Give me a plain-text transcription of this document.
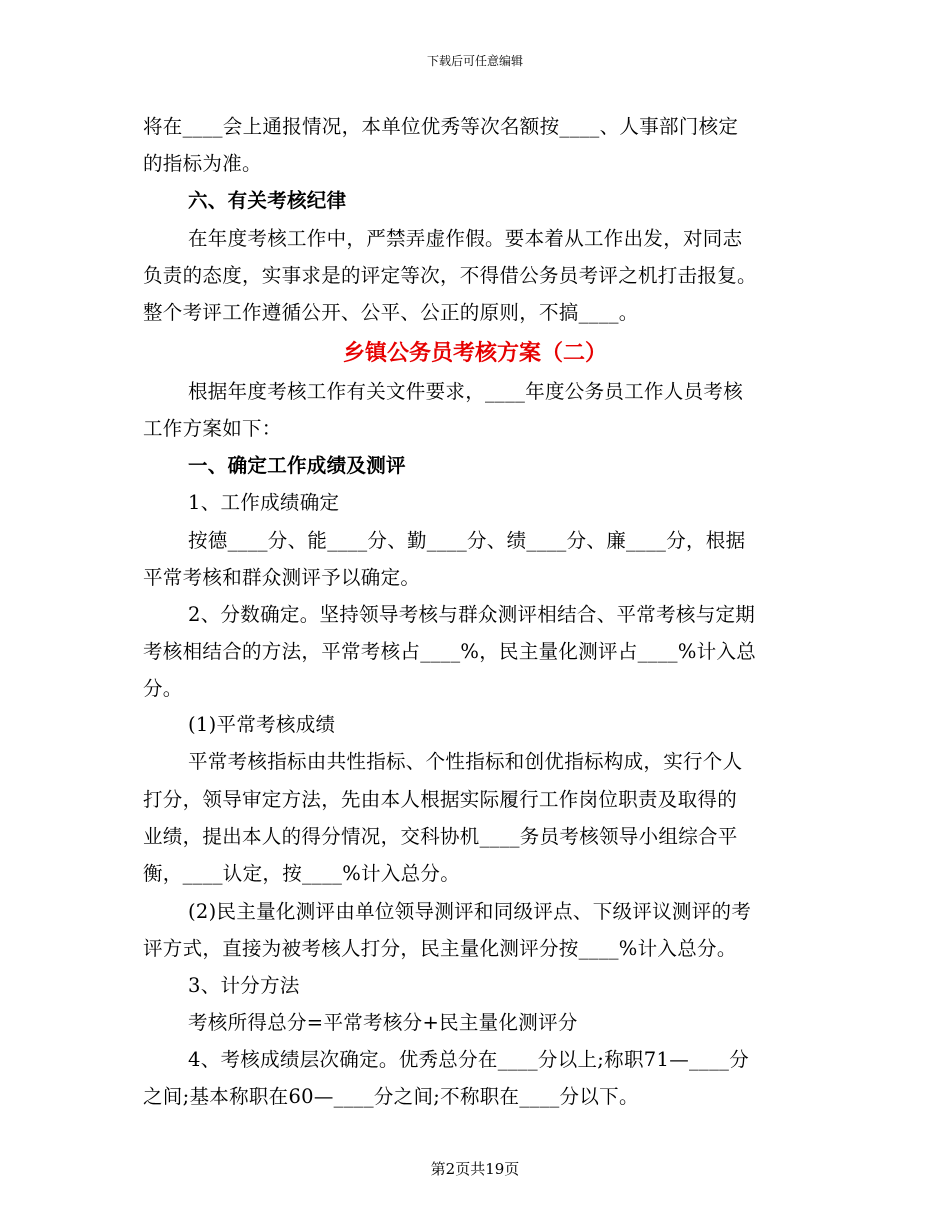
下载后可任意编辑
将在____会上通报情况，本单位优秀等次名额按____、人事部门核定
的指标为准。
六、有关考核纪律
在年度考核工作中，严禁弄虚作假。要本着从工作出发，对同志
负责的态度，实事求是的评定等次，不得借公务员考评之机打击报复。
整个考评工作遵循公开、公平、公正的原则，不搞____。
乡镇公务员考核方案（二）
根据年度考核工作有关文件要求，____年度公务员工作人员考核
工作方案如下：
一、确定工作成绩及测评
1、工作成绩确定
按德____分、能____分、勤____分、绩____分、廉____分，根据
平常考核和群众测评予以确定。
2、分数确定。坚持领导考核与群众测评相结合、平常考核与定期
考核相结合的方法，平常考核占____%，民主量化测评占____%计入总
分。
(1)平常考核成绩
平常考核指标由共性指标、个性指标和创优指标构成，实行个人
打分，领导审定方法，先由本人根据实际履行工作岗位职责及取得的
业绩，提出本人的得分情况，交科协机____务员考核领导小组综合平
衡，____认定，按____%计入总分。
(2)民主量化测评由单位领导测评和同级评点、下级评议测评的考
评方式，直接为被考核人打分，民主量化测评分按____%计入总分。
3、计分方法
考核所得总分=平常考核分+民主量化测评分
4、考核成绩层次确定。优秀总分在____分以上;称职71—____分
之间;基本称职在60—____分之间;不称职在____分以下。
第2页共19页
